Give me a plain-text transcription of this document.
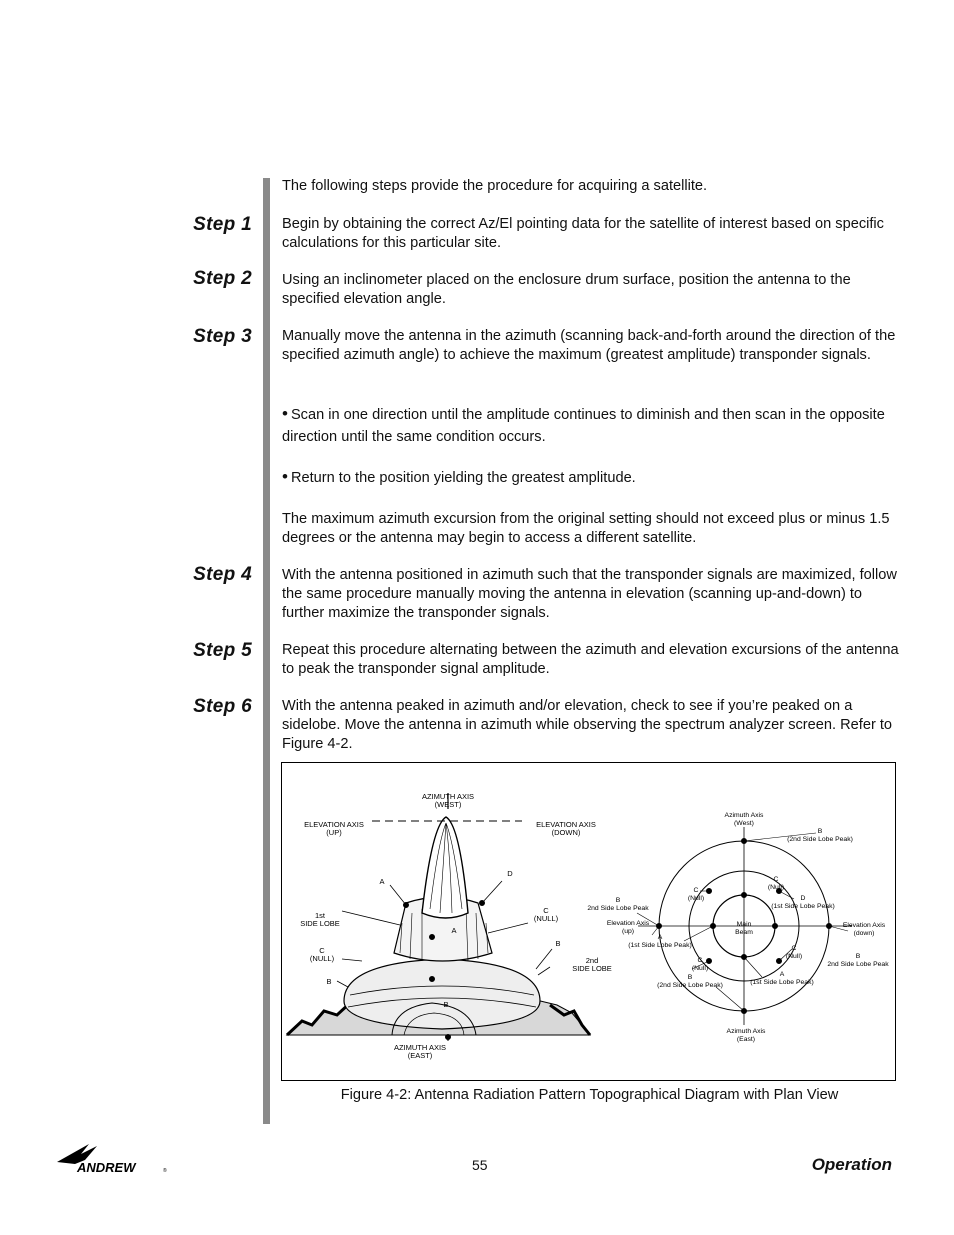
The following steps provide the procedure for acquiring a satellite.
Step 1 Begin by obtaining the correct Az/El pointing data for the satellite of interest based on specific calculations for this particular site.
Step 2 Using an inclinometer placed on the enclosure drum surface, position the antenna to the specified elevation angle.
Step 3 Manually move the antenna in the azimuth (scanning back-and-forth around the direction of the specified azimuth angle) to achieve the maximum (greatest amplitude) transponder signals.
• Scan in one direction until the amplitude continues to diminish and then scan in the opposite direction until the same condition occurs.
• Return to the position yielding the greatest amplitude.
The maximum azimuth excursion from the original setting should not exceed plus or minus 1.5 degrees or the antenna may begin to access a different satellite.
Step 4 With the antenna positioned in azimuth such that the transponder signals are maximized, follow the same procedure manually moving the antenna in elevation (scanning up-and-down) to further maximize the transponder signals.
Step 5 Repeat this procedure alternating between the azimuth and elevation excursions of the antenna to peak the transponder signal amplitude.
Step 6 With the antenna peaked in azimuth and/or elevation, check to see if you’re peaked on a sidelobe. Move the antenna in azimuth while observing the spectrum analyzer screen. Refer to Figure 4-2.
AZIMUTH AXIS
(WEST)
ELEVATION AXIS
(UP)
ELEVATION AXIS
(DOWN)
A
D
1st
SIDE LOBE
C
(NULL)
A
B
C
(NULL)	2nd
SIDE LOBE
B
B
AZIMUTH AXIS
(EAST)
Azimuth Axis
(West)
B
(2nd Side Lobe Peak)
C
(Null)
C
(Null)	D
(1st Side Lobe Peak)
B
2nd Side Lobe Peak
Elevation Axis
(up)
A
(1st Side Lobe Peak)
Main
Beam
Elevation Axis
(down)
C
(Null)	B
2nd Side Lobe Peak
C
(Null)
B
(2nd Side Lobe Peak)
A
(1st Side Lobe Peak)
Azimuth Axis
(East)
Figure 4-2: Antenna Radiation Pattern Topographical Diagram with Plan View
ANDREW	®	55	Operation
